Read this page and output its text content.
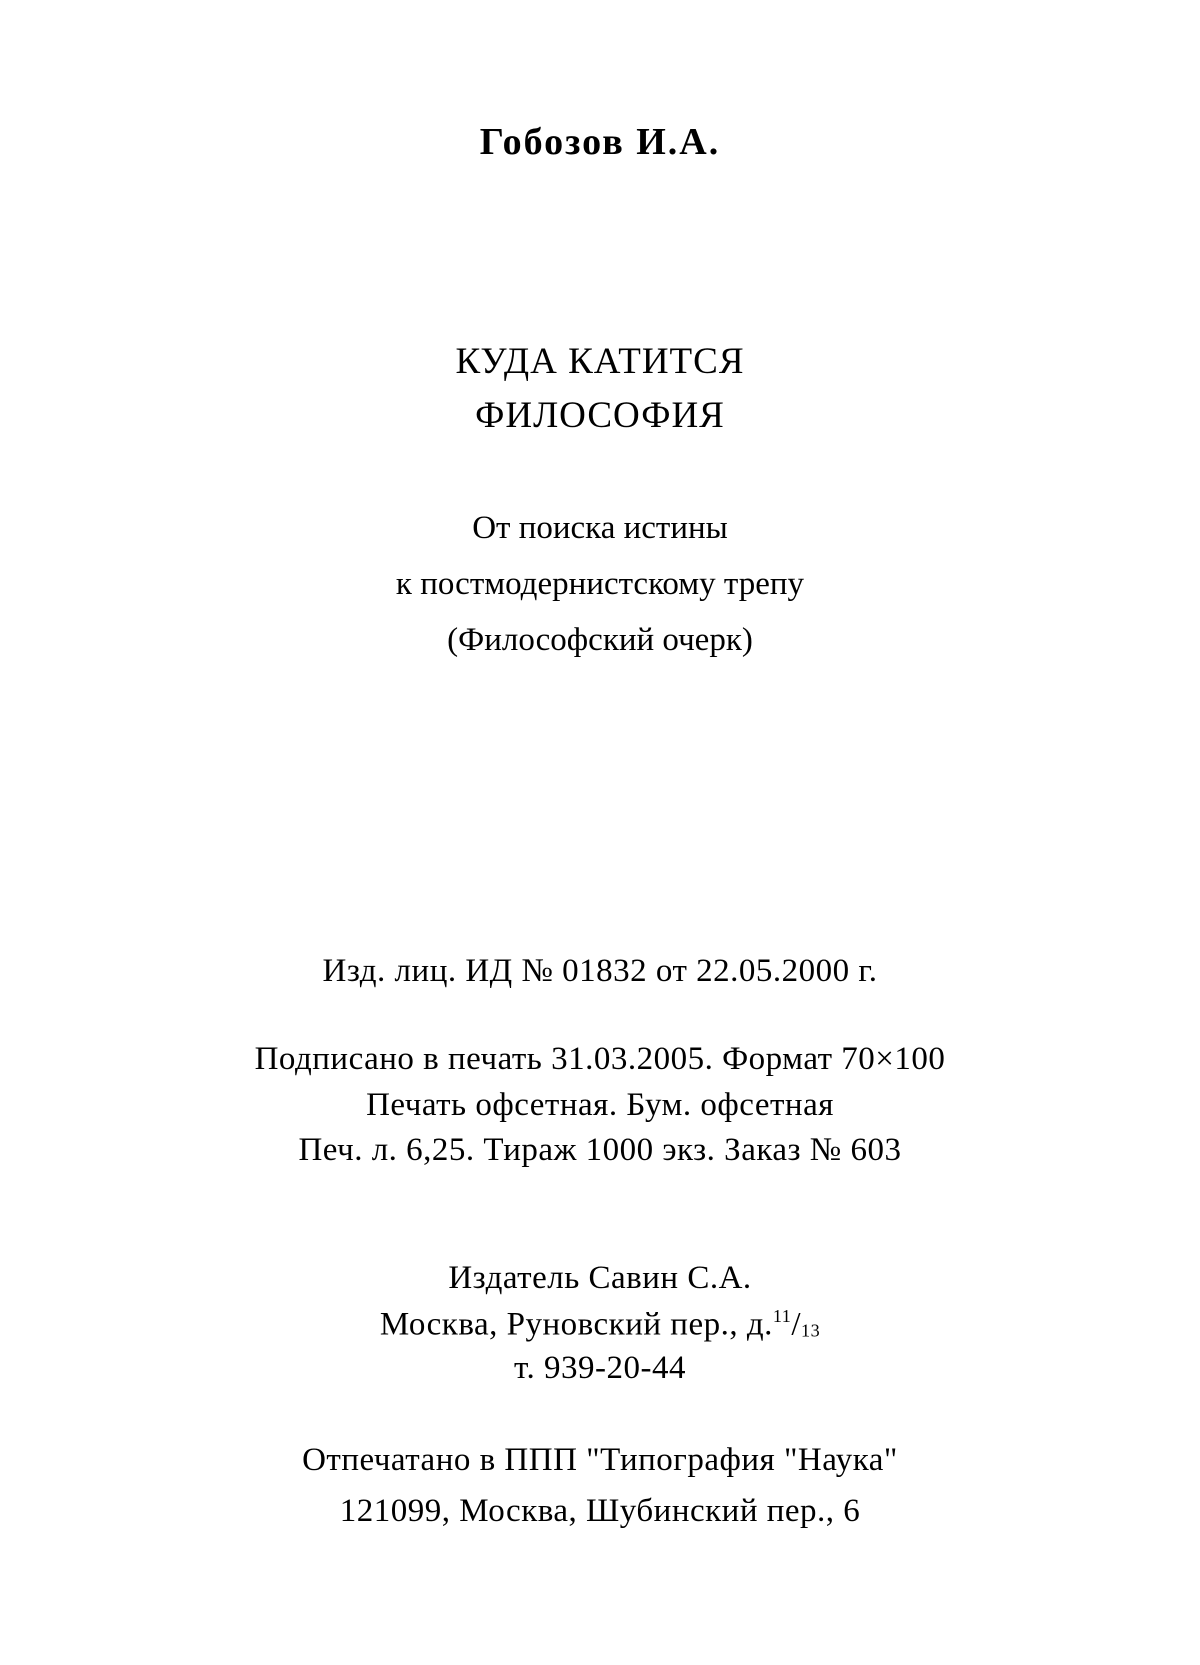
Гобозов И.А.
КУДА КАТИТСЯ
ФИЛОСОФИЯ
От поиска истины
к постмодернистскому трепу
(Философский очерк)
Изд. лиц. ИД № 01832 от 22.05.2000 г.
Подписано в печать 31.03.2005. Формат 70×100
Печать офсетная. Бум. офсетная
Печ. л. 6,25. Тираж 1000 экз. Заказ № 603
Издатель Савин С.А.
Москва, Руновский пер., д.$^{11}$/13
т. 939-20-44
Отпечатано в ППП "Типография "Наука"
121099, Москва, Шубинский пер., 6
